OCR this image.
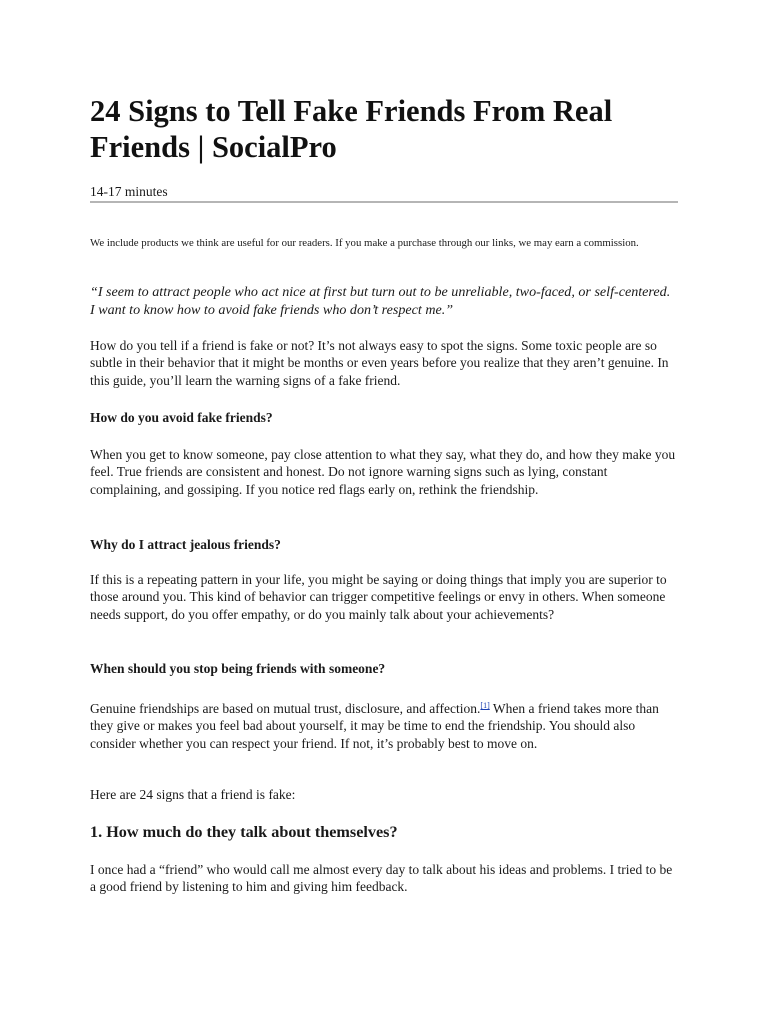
24 Signs to Tell Fake Friends From Real Friends | SocialPro
14-17 minutes

We include products we think are useful for our readers. If you make a purchase through our links, we may earn a commission.

“I seem to attract people who act nice at first but turn out to be unreliable, two-faced, or self-centered. I want to know how to avoid fake friends who don’t respect me.”

How do you tell if a friend is fake or not? It’s not always easy to spot the signs. Some toxic people are so subtle in their behavior that it might be months or even years before you realize that they aren’t genuine. In this guide, you’ll learn the warning signs of a fake friend.

How do you avoid fake friends?

When you get to know someone, pay close attention to what they say, what they do, and how they make you feel. True friends are consistent and honest. Do not ignore warning signs such as lying, constant complaining, and gossiping. If you notice red flags early on, rethink the friendship.

Why do I attract jealous friends?

If this is a repeating pattern in your life, you might be saying or doing things that imply you are superior to those around you. This kind of behavior can trigger competitive feelings or envy in others. When someone needs support, do you offer empathy, or do you mainly talk about your achievements?

When should you stop being friends with someone?

Genuine friendships are based on mutual trust, disclosure, and affection.[1] When a friend takes more than they give or makes you feel bad about yourself, it may be time to end the friendship. You should also consider whether you can respect your friend. If not, it’s probably best to move on.

Here are 24 signs that a friend is fake:

1. How much do they talk about themselves?

I once had a “friend” who would call me almost every day to talk about his ideas and problems. I tried to be a good friend by listening to him and giving him feedback.
